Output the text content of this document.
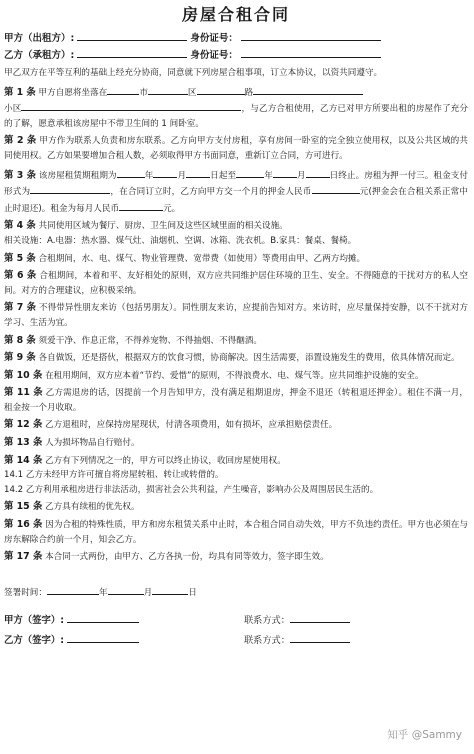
房屋合租合同
甲方（出租方）:	身份证号：
乙方（承租方）:	身份证号：
甲乙双方在平等互利的基础上经充分协商，同意就下列房屋合租事项，订立本协议，以资共同遵守。
第 1 条 甲方自愿将坐落在	市	区	路
小区	，与乙方合租使用，乙方已对甲方所要出租的房屋作了充分的了解，愿意承租该房屋中不带卫生间的 1 间卧室。
第 2 条 甲方作为联系人负责和房东联系。乙方向甲方支付房租，享有房间一卧室的完全独立使用权，以及公共区域的共同使用权。乙方如果要增加合租人数，必须取得甲方书面同意，重新订立合同，方可进行。
第 3 条 该房屋租赁期租期为	年	月	日起至	年	月	日终止。房租为押一付三。租金支付形式为	，在合同订立时，乙方向甲方交一个月的押金人民币	元(押金会在合租关系正常中止时退还)。租金为每月人民币	元。
第 4 条 共同使用区域为餐厅、厨房、卫生间及这些区域里面的相关设施。
相关设施：A.电器：热水器、煤气灶、油烟机、空调、冰箱、洗衣机。B.家具：餐桌、餐椅。
第 5 条 合租期间，水、电、煤气、物业管理费、宽带费（如使用）等费用由甲、乙两方均摊。
第 6 条 合租期间，本着和平、友好相处的原则，双方应共同维护居住环境的卫生、安全。不得随意的干扰对方的私人空间。对方的合理建议，应积极采纳。
第 7 条 不得带异性朋友来访（包括男朋友）。同性朋友来访，应提前告知对方。来访时，应尽量保持安静，以不干扰对方学习、生活为宜。
第 8 条 须爱干净、作息正常，不得养宠物、不得抽烟、不得酗酒。
第 9 条 各自做饭，还是搭伙，根据双方的饮食习惯，协商解决。因生活需要，添置设施发生的费用，依具体情况而定。
第 10 条 在租用期间，双方应本着“节约、爱惜”的原则，不得浪费水、电、煤气等。应共同维护设施的安全。
第 11 条 乙方需退房的话，因提前一个月告知甲方，没有满足租期退房，押金不退还（转租退还押金）。租住不满一月，租金按一个月收取。
第 12 条 乙方退租时，应保持房屋现状，付清各项费用，如有损坏，应承担赔偿责任。
第 13 条 人为损坏物品自行赔付。
第 14 条 乙方有下列情况之一的，甲方可以终止协议，收回房屋使用权。
14.1 乙方未经甲方许可擅自将房屋转租、转让或转借的。
14.2 乙方利用承租房进行非法活动，损害社会公共利益，产生噪音，影响办公及周围居民生活的。
第 15 条 乙方具有续租的优先权。
第 16 条 因为合租的特殊性质，甲方和房东租赁关系中止时，本合租合同自动失效，甲方不负违约责任。甲方也必须在与房东解除合约前一个月，知会乙方。
第 17 条 本合同一式两份，由甲方、乙方各执一份，均具有同等效力，签字即生效。
签署时间：	年	月	日
甲方（签字）:	联系方式：
乙方（签字）:	联系方式：
知乎 @Sammy
